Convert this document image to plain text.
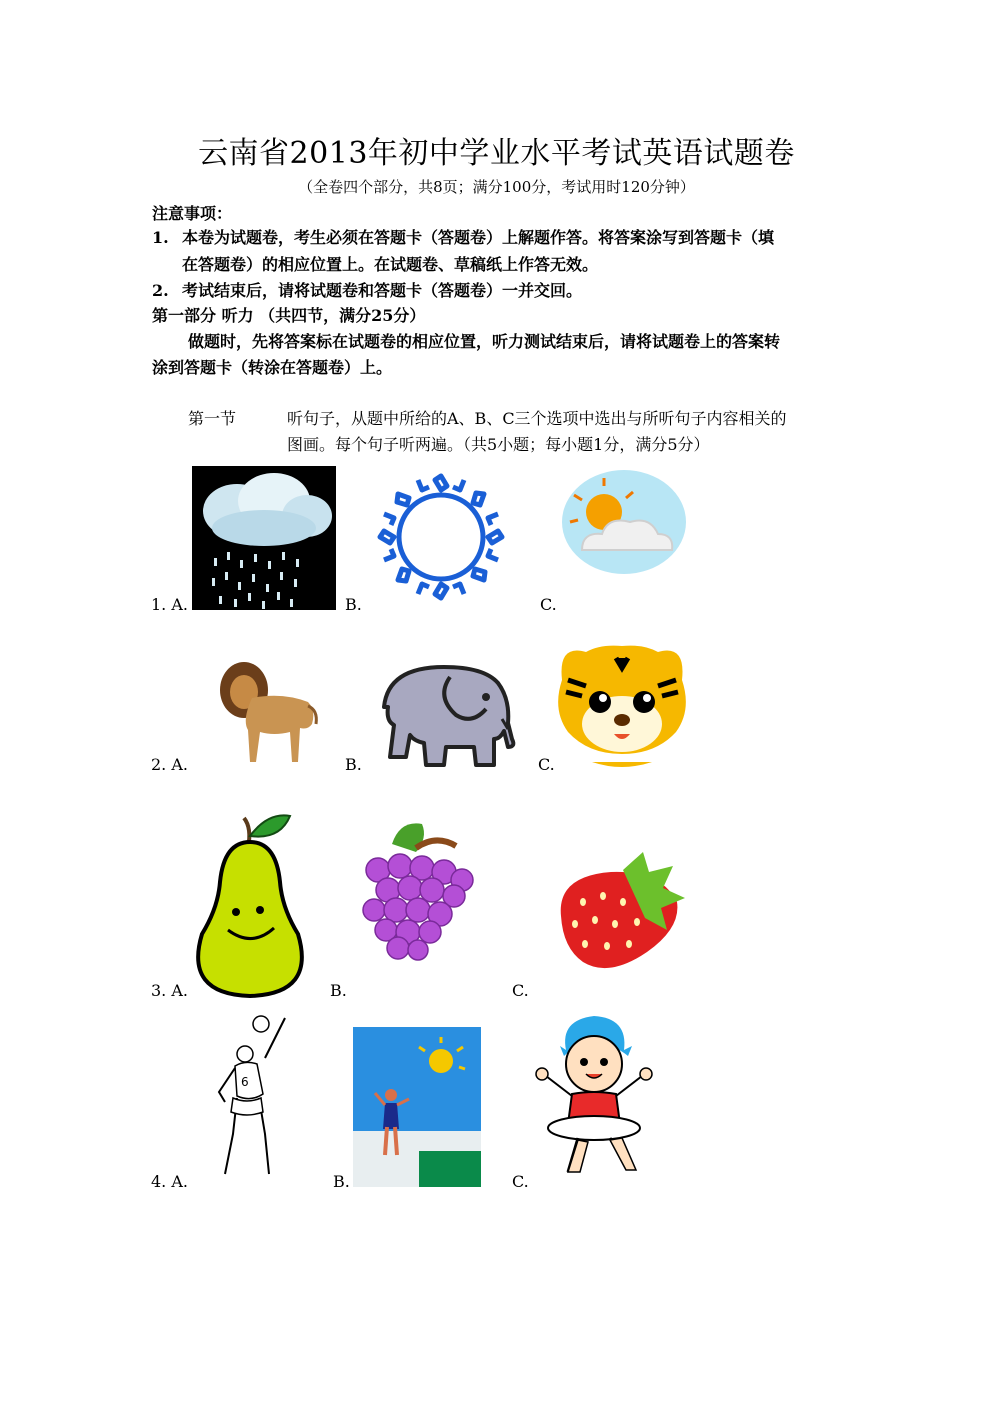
云南省2013年初中学业水平考试英语试题卷
（全卷四个部分，共8页；满分100分，考试用时120分钟）
注意事项：
1. 本卷为试题卷，考生必须在答题卡（答题卷）上解题作答。将答案涂写到答题卡（填
在答题卷）的相应位置上。在试题卷、草稿纸上作答无效。
2. 考试结束后，请将试题卷和答题卡（答题卷）一并交回。
第一部分 听力 （共四节，满分25分）
做题时，先将答案标在试题卷的相应位置，听力测试结束后，请将试题卷上的答案转
涂到答题卡（转涂在答题卷）上。
第一节	听句子，从题中所给的A、B、C三个选项中选出与所听句子内容相关的
图画。每个句子听两遍。（共5小题；每小题1分，满分5分）
1. A.	B.	C.
2. A.	B.	C.
3. A.	B.	C.
4. A.
6
B.	C.
